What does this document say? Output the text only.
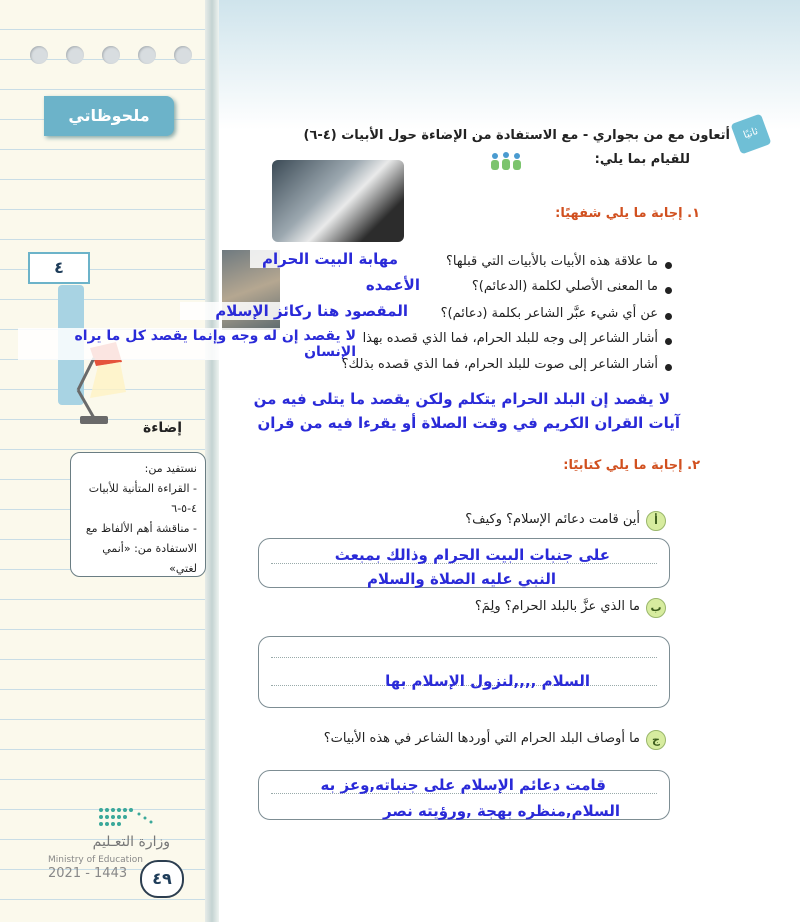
ملحوظاتي
٤
إضاءة
نستفيد من:
- القراءة المتأنية للأبيات
٤-٥-٦
- مناقشة أهم الألفاظ مع
الاستفادة من: «أنمي لغتي»
وزارة التعـليم
Ministry of Education
2021 - 1443	٤٩
ثانيًا
أتعاون مع من بجواري - مع الاستفادة من الإضاءة حول الأبيات (٤-٦)
للقيام بما يلي:
١. إجابة ما يلي شفهيًا:
ما علاقة هذه الأبيات بالأبيات التي قبلها؟
مهابة البيت الحرام
ما المعنى الأصلي لكلمة (الدعائم)؟
الأعمده
عن أي شيء عبَّر الشاعر بكلمة (دعائم)؟
المقصود هنا ركائز الإسلام
أشار الشاعر إلى وجه للبلد الحرام، فما الذي قصده بهذا
لا يقصد إن له وجه وإنما يقصد كل ما يراه الإنسان
أشار الشاعر إلى صوت للبلد الحرام، فما الذي قصده بذلك؟
لا يقصد إن البلد الحرام يتكلم ولكن يقصد ما يتلى فيه من
آيات القران الكريم في وقت الصلاة أو يقرءا فيه من قران
٢. إجابة ما يلي كتابيًا:
أ
أين قامت دعائم الإسلام؟ وكيف؟
على جنبات البيت الحرام وذالك بمبعث
النبي عليه الصلاة والسلام
ب
ما الذي عزَّ بالبلد الحرام؟ ولِمَ؟
السلام ,,,,لنزول الإسلام بها
ج
ما أوصاف البلد الحرام التي أوردها الشاعر في هذه الأبيات؟
قامت دعائم الإسلام على جنباته,وعز به
السلام,منظره بهجة ,ورؤيته نصر
